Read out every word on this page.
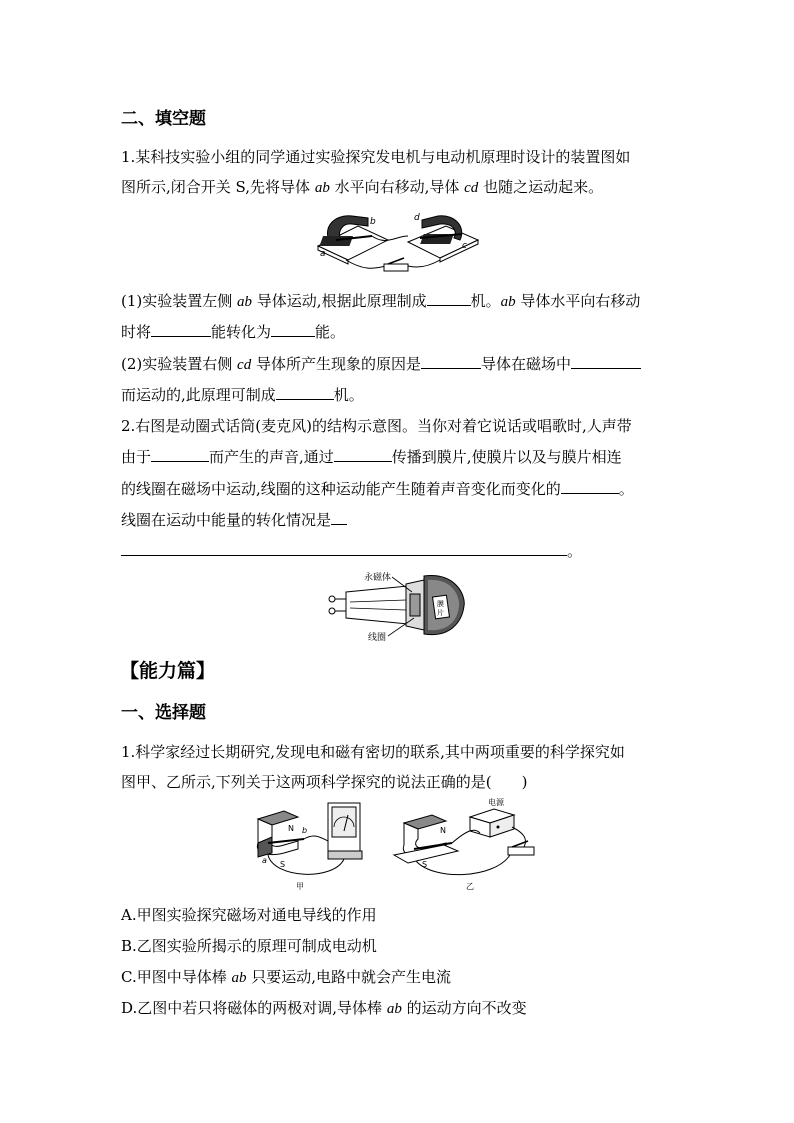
二、填空题
1.某科技实验小组的同学通过实验探究发电机与电动机原理时设计的装置图如
图所示,闭合开关 S,先将导体 ab 水平向右移动,导体 cd 也随之运动起来。
b
a
d
c
(1)实验装置左侧 ab 导体运动,根据此原理制成	机。ab 导体水平向右移动
时将	能转化为	能。
(2)实验装置右侧 cd 导体所产生现象的原因是	导体在磁场中
而运动的,此原理可制成	机。
2.右图是动圈式话筒(麦克风)的结构示意图。当你对着它说话或唱歌时,人声带
由于	而产生的声音,通过	传播到膜片,使膜片以及与膜片相连
的线圈在磁场中运动,线圈的这种运动能产生随着声音变化而变化的	。
线圈在运动中能量的转化情况是
。
膜
片
永磁体
线圈
【能力篇】
一、选择题
1.科学家经过长期研究,发现电和磁有密切的联系,其中两项重要的科学探究如
图甲、乙所示,下列关于这两项科学探究的说法正确的是(　　)
N
S
b
a
甲
N
S
电源
乙
A.甲图实验探究磁场对通电导线的作用
B.乙图实验所揭示的原理可制成电动机
C.甲图中导体棒 ab 只要运动,电路中就会产生电流
D.乙图中若只将磁体的两极对调,导体棒 ab 的运动方向不改变
